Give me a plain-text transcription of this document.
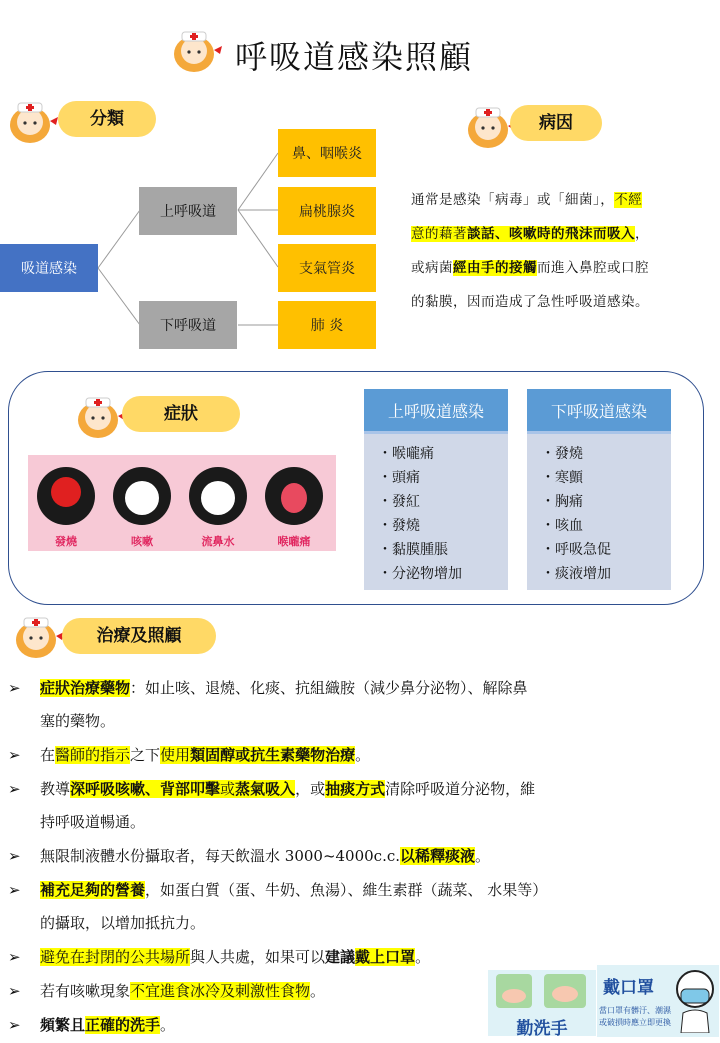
呼吸道感染照顧
分類
吸道感染
上呼吸道
下呼吸道
鼻、咽喉炎
扁桃腺炎
支氣管炎
肺 炎
病因

通常是感染「病毒」或「細菌」，不經

意的藉著談話、咳嗽時的飛沫而吸入，

或病菌經由手的接觸而進入鼻腔或口腔

的黏膜，因而造成了急性呼吸道感染。

症狀
發燒	咳嗽	流鼻水	喉嚨痛
上呼吸道感染
・ 喉嚨痛
・ 頭痛
・ 發紅
・ 發燒
・ 黏膜腫脹
・ 分泌物增加
下呼吸道感染
・ 發燒
・ 寒顫
・ 胸痛
・ 咳血
・ 呼吸急促
・ 痰液增加
治療及照顧
➢ 症狀治療藥物：如止咳、退燒、化痰、抗組織胺（減少鼻分泌物）、解除鼻
塞的藥物。
➢ 在醫師的指示之下使用類固醇或抗生素藥物治療。
➢ 教導深呼吸咳嗽、背部叩擊或蒸氣吸入，或抽痰方式清除呼吸道分泌物，維
持呼吸道暢通。
➢ 無限制液體水份攝取者，每天飲溫水 3000~4000c.c.以稀釋痰液。
➢ 補充足夠的營養，如蛋白質（蛋、牛奶、魚湯）、維生素群（蔬菜、 水果等）
的攝取，以增加抵抗力。
➢ 避免在封閉的公共場所與人共處，如果可以建議戴上口罩。
➢ 若有咳嗽現象不宜進食冰冷及刺激性食物。
➢ 頻繁且正確的洗手。	勤洗手
戴口罩
當口罩有髒汙、潮濕
或破損時應立即更換
